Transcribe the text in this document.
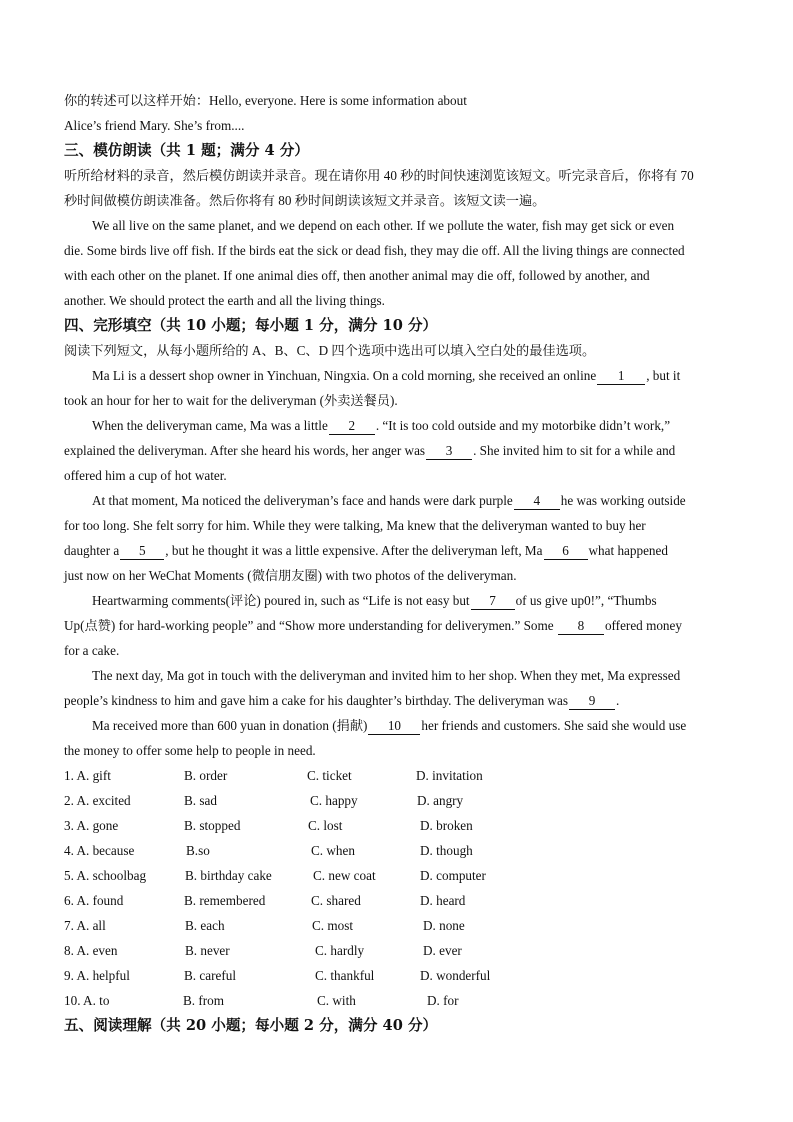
你的转述可以这样开始：Hello, everyone. Here is some information about
Alice’s friend Mary. She’s from....
三、模仿朗读（共 1 题；满分 4 分）
听所给材料的录音，然后模仿朗读并录音。现在请你用 40 秒的时间快速浏览该短文。听完录音后，你将有 70
秒时间做模仿朗读准备。然后你将有 80 秒时间朗读该短文并录音。该短文读一遍。
We all live on the same planet, and we depend on each other. If we pollute the water, fish may get sick or even
die. Some birds live off fish. If the birds eat the sick or dead fish, they may die off. All the living things are connected
with each other on the planet. If one animal dies off, then another animal may die off, followed by another, and
another. We should protect the earth and all the living things.
四、完形填空（共 10 小题；每小题 1 分，满分 10 分）
阅读下列短文，从每小题所给的 A、B、C、D 四个选项中选出可以填入空白处的最佳选项。
Ma Li is a dessert shop owner in Yinchuan, Ningxia. On a cold morning, she received an online 1 , but it
took an hour for her to wait for the deliveryman (外卖送餐员).
When the deliveryman came, Ma was a little 2 . “It is too cold outside and my motorbike didn’t work,”
explained the deliveryman. After she heard his words, her anger was 3 . She invited him to sit for a while and
offered him a cup of hot water.
At that moment, Ma noticed the deliveryman’s face and hands were dark purple 4 he was working outside
for too long. She felt sorry for him. While they were talking, Ma knew that the deliveryman wanted to buy her
daughter a 5 , but he thought it was a little expensive. After the deliveryman left, Ma 6 what happened
just now on her WeChat Moments (微信朋友圈) with two photos of the deliveryman.
Heartwarming comments(评论) poured in, such as “Life is not easy but 7 of us give up0!”, “Thumbs
Up(点赞) for hard-working people” and “Show more understanding for deliverymen.” Some 8 offered money
for a cake.
The next day, Ma got in touch with the deliveryman and invited him to her shop. When they met, Ma expressed
people’s kindness to him and gave him a cake for his daughter’s birthday. The deliveryman was 9 .
Ma received more than 600 yuan in donation (捐献) 10 her friends and customers. She said she would use
the money to offer some help to people in need.
1. A. gift	B. order	C. ticket	D. invitation
2. A. excited	B. sad	C. happy	D. angry
3. A. gone	B. stopped	C. lost	D. broken
4. A. because	B.so	C. when	D. though
5. A. schoolbag	B. birthday cake	C. new coat	D. computer
6. A. found	B. remembered	C. shared	D. heard
7. A. all	B. each	C. most	D. none
8. A. even	B. never	C. hardly	D. ever
9. A. helpful	B. careful	C. thankful	D. wonderful
10. A. to	B. from	C. with	D. for
五、阅读理解（共 20 小题；每小题 2 分，满分 40 分）
